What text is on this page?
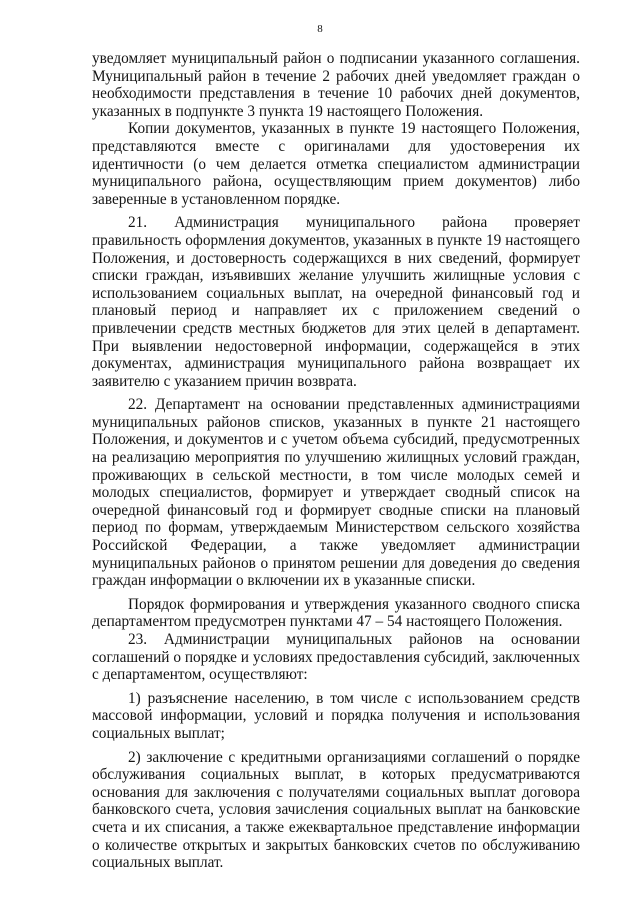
8

уведомляет муниципальный район о подписании указанного соглашения. Муниципальный район в течение 2 рабочих дней уведомляет граждан о необходимости представления в течение 10 рабочих дней документов, указанных в подпункте 3 пункта 19 настоящего Положения.

Копии документов, указанных в пункте 19 настоящего Положения, представляются вместе с оригиналами для удостоверения их идентичности (о чем делается отметка специалистом администрации муниципального района, осуществляющим прием документов) либо заверенные в установленном порядке.

21. Администрация муниципального района проверяет правильность оформления документов, указанных в пункте 19 настоящего Положения, и достоверность содержащихся в них сведений, формирует списки граждан, изъявивших желание улучшить жилищные условия с использованием социальных выплат, на очередной финансовый год и плановый период и направляет их с приложением сведений о привлечении средств местных бюджетов для этих целей в департамент. При выявлении недостоверной информации, содержащейся в этих документах, администрация муниципального района возвращает их заявителю с указанием причин возврата.

22. Департамент на основании представленных администрациями муниципальных районов списков, указанных в пункте 21 настоящего Положения, и документов и с учетом объема субсидий, предусмотренных на реализацию мероприятия по улучшению жилищных условий граждан, проживающих в сельской местности, в том числе молодых семей и молодых специалистов, формирует и утверждает сводный список на очередной финансовый год и формирует сводные списки на плановый период по формам, утверждаемым Министерством сельского хозяйства Российской Федерации, а также уведомляет администрации муниципальных районов о принятом решении для доведения до сведения граждан информации о включении их в указанные списки.

Порядок формирования и утверждения указанного сводного списка департаментом предусмотрен пунктами 47 – 54 настоящего Положения.

23. Администрации муниципальных районов на основании соглашений о порядке и условиях предоставления субсидий, заключенных с департаментом, осуществляют:

1) разъяснение населению, в том числе с использованием средств массовой информации, условий и порядка получения и использования социальных выплат;

2) заключение с кредитными организациями соглашений о порядке обслуживания социальных выплат, в которых предусматриваются основания для заключения с получателями социальных выплат договора банковского счета, условия зачисления социальных выплат на банковские счета и их списания, а также ежеквартальное представление информации о количестве открытых и закрытых банковских счетов по обслуживанию социальных выплат.
